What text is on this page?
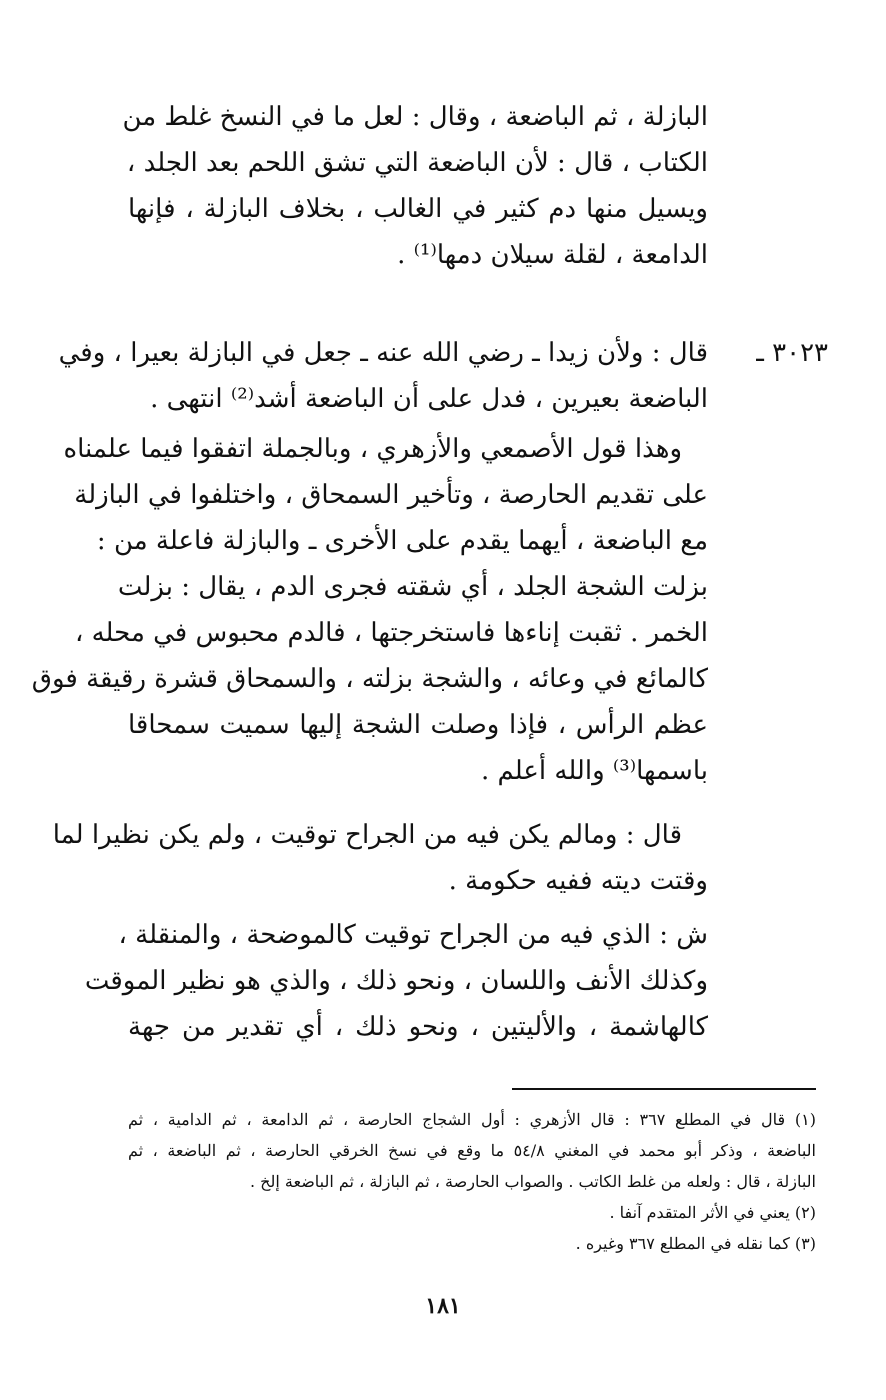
البازلة ، ثم الباضعة ، وقال : لعل ما في النسخ غلط من
الكتاب ، قال : لأن الباضعة التي تشق اللحم بعد الجلد ،
ويسيل منها دم كثير في الغالب ، بخلاف البازلة ، فإنها
الدامعة ، لقلة سيلان دمها⁽¹⁾ .
٣٠٢٣ ـ
قال : ولأن زيدا ـ رضي الله عنه ـ جعل في البازلة بعيرا ، وفي
الباضعة بعيرين ، فدل على أن الباضعة أشد⁽²⁾ انتهى .
وهذا قول الأصمعي والأزهري ، وبالجملة اتفقوا فيما علمناه
على تقديم الحارصة ، وتأخير السمحاق ، واختلفوا في البازلة
مع الباضعة ، أيهما يقدم على الأخرى ـ والبازلة فاعلة من :
بزلت الشجة الجلد ، أي شقته فجرى الدم ، يقال : بزلت
الخمر . ثقبت إناءها فاستخرجتها ، فالدم محبوس في محله ،
كالمائع في وعائه ، والشجة بزلته ، والسمحاق قشرة رقيقة فوق
عظم الرأس ، فإذا وصلت الشجة إليها سميت سمحاقا
باسمها⁽³⁾ والله أعلم .
قال : ومالم يكن فيه من الجراح توقيت ، ولم يكن نظيرا لما
وقتت ديته ففيه حكومة .
ش : الذي فيه من الجراح توقيت كالموضحة ، والمنقلة ،
وكذلك الأنف واللسان ، ونحو ذلك ، والذي هو نظير الموقت
كالهاشمة ، والأليتين ، ونحو ذلك ، أي تقدير من جهة
(١) قال في المطلع ٣٦٧ : قال الأزهري : أول الشجاج الحارصة ، ثم الدامعة ، ثم الدامية ، ثم
الباضعة ، وذكر أبو محمد في المغني ٥٤/٨ ما وقع في نسخ الخرقي الحارصة ، ثم الباضعة ، ثم
البازلة ، قال : ولعله من غلط الكاتب . والصواب الحارصة ، ثم البازلة ، ثم الباضعة إلخ .
(٢) يعني في الأثر المتقدم آنفا .
(٣) كما نقله في المطلع ٣٦٧ وغيره .
١٨١
